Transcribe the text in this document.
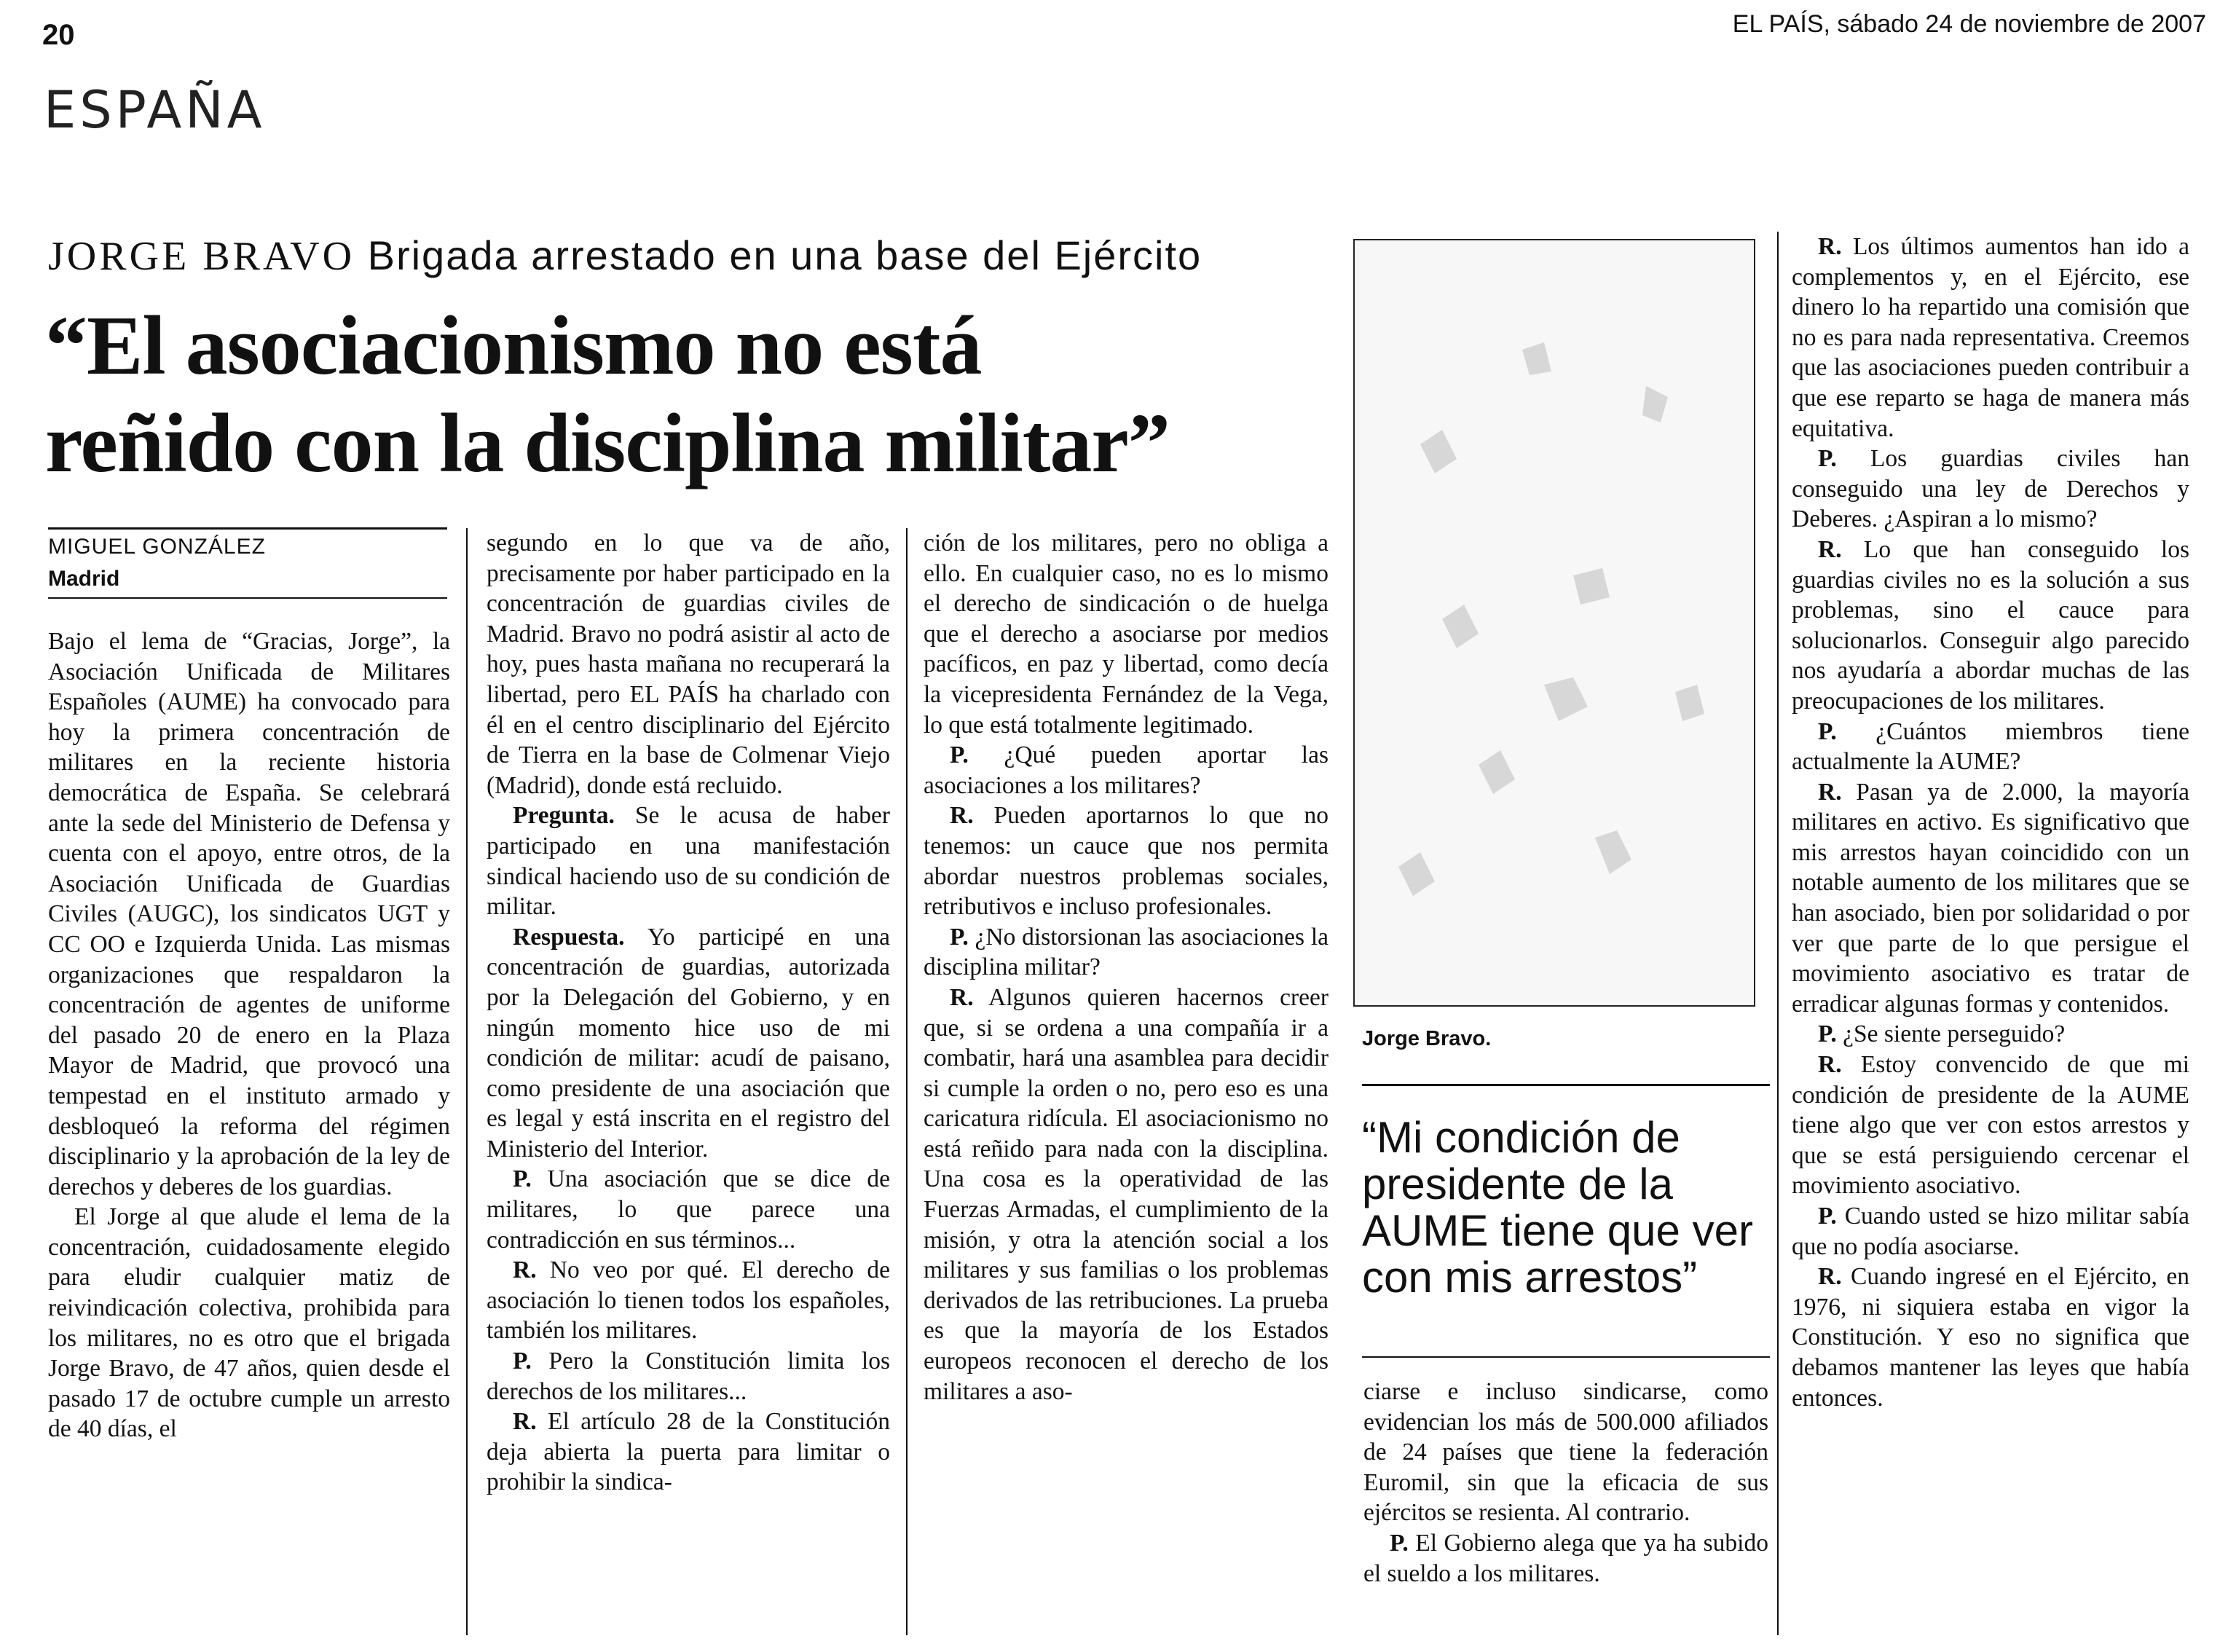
20	EL PAÍS, sábado 24 de noviembre de 2007
ESPAÑA
JORGE BRAVO Brigada arrestado en una base del Ejército
“El asociacionismo no está
reñido con la disciplina militar”
MIGUEL GONZÁLEZ
Madrid

Bajo el lema de “Gracias, Jorge”, la Asociación Unificada de Militares Españoles (AUME) ha convocado para hoy la primera concentración de militares en la reciente historia democrática de España. Se celebrará ante la sede del Ministerio de Defensa y cuenta con el apoyo, entre otros, de la Asociación Unificada de Guardias Civiles (AUGC), los sindicatos UGT y CC OO e Izquierda Unida. Las mismas organizaciones que respaldaron la concentración de agentes de uniforme del pasado 20 de enero en la Plaza Mayor de Madrid, que provocó una tempestad en el instituto armado y desbloqueó la reforma del régimen disciplinario y la aprobación de la ley de derechos y deberes de los guardias.

El Jorge al que alude el lema de la concentración, cuidadosamente elegido para eludir cualquier matiz de reivindicación colectiva, prohibida para los militares, no es otro que el brigada Jorge Bravo, de 47 años, quien desde el pasado 17 de octubre cumple un arresto de 40 días, el

segundo en lo que va de año, precisamente por haber participado en la concentración de guardias civiles de Madrid. Bravo no podrá asistir al acto de hoy, pues hasta mañana no recuperará la libertad, pero EL PAÍS ha charlado con él en el centro disciplinario del Ejército de Tierra en la base de Colmenar Viejo (Madrid), donde está recluido.

Pregunta. Se le acusa de haber participado en una manifestación sindical haciendo uso de su condición de militar.

Respuesta. Yo participé en una concentración de guardias, autorizada por la Delegación del Gobierno, y en ningún momento hice uso de mi condición de militar: acudí de paisano, como presidente de una asociación que es legal y está inscrita en el registro del Ministerio del Interior.

P. Una asociación que se dice de militares, lo que parece una contradicción en sus términos...

R. No veo por qué. El derecho de asociación lo tienen todos los españoles, también los militares.

P. Pero la Constitución limita los derechos de los militares...

R. El artículo 28 de la Constitución deja abierta la puerta para limitar o prohibir la sindica-

ción de los militares, pero no obliga a ello. En cualquier caso, no es lo mismo el derecho de sindicación o de huelga que el derecho a asociarse por medios pacíficos, en paz y libertad, como decía la vicepresidenta Fernández de la Vega, lo que está totalmente legitimado.

P. ¿Qué pueden aportar las asociaciones a los militares?

R. Pueden aportarnos lo que no tenemos: un cauce que nos permita abordar nuestros problemas sociales, retributivos e incluso profesionales.

P. ¿No distorsionan las asociaciones la disciplina militar?

R. Algunos quieren hacernos creer que, si se ordena a una compañía ir a combatir, hará una asamblea para decidir si cumple la orden o no, pero eso es una caricatura ridícula. El asociacionismo no está reñido para nada con la disciplina. Una cosa es la operatividad de las Fuerzas Armadas, el cumplimiento de la misión, y otra la atención social a los militares y sus familias o los problemas derivados de las retribuciones. La prueba es que la mayoría de los Estados europeos reconocen el derecho de los militares a aso-

Jorge Bravo.
“Mi condición de presidente de la AUME tiene que ver con mis arrestos”

ciarse e incluso sindicarse, como evidencian los más de 500.000 afiliados de 24 países que tiene la federación Euromil, sin que la eficacia de sus ejércitos se resienta. Al contrario.

P. El Gobierno alega que ya ha subido el sueldo a los militares.

R. Los últimos aumentos han ido a complementos y, en el Ejército, ese dinero lo ha repartido una comisión que no es para nada representativa. Creemos que las asociaciones pueden contribuir a que ese reparto se haga de manera más equitativa.

P. Los guardias civiles han conseguido una ley de Derechos y Deberes. ¿Aspiran a lo mismo?

R. Lo que han conseguido los guardias civiles no es la solución a sus problemas, sino el cauce para solucionarlos. Conseguir algo parecido nos ayudaría a abordar muchas de las preocupaciones de los militares.

P. ¿Cuántos miembros tiene actualmente la AUME?

R. Pasan ya de 2.000, la mayoría militares en activo. Es significativo que mis arrestos hayan coincidido con un notable aumento de los militares que se han asociado, bien por solidaridad o por ver que parte de lo que persigue el movimiento asociativo es tratar de erradicar algunas formas y contenidos.

P. ¿Se siente perseguido?

R. Estoy convencido de que mi condición de presidente de la AUME tiene algo que ver con estos arrestos y que se está persiguiendo cercenar el movimiento asociativo.

P. Cuando usted se hizo militar sabía que no podía asociarse.

R. Cuando ingresé en el Ejército, en 1976, ni siquiera estaba en vigor la Constitución. Y eso no significa que debamos mantener las leyes que había entonces.
